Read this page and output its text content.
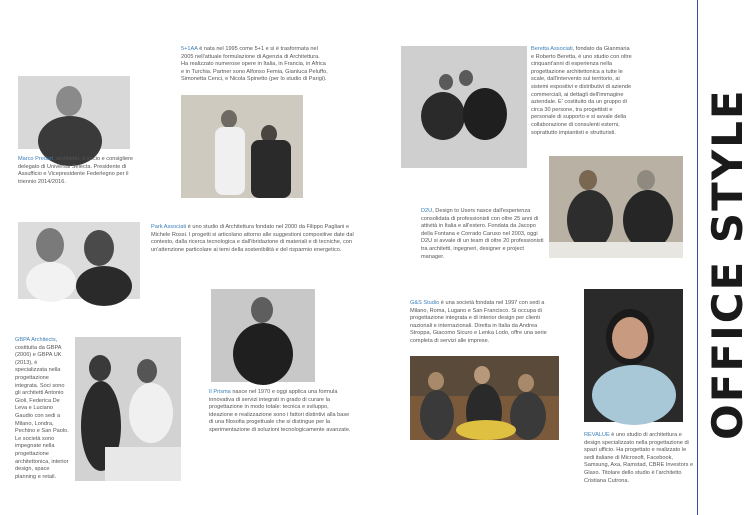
OFFICE STYLE
Marco Predari, architetto, è socio e consigliere delegato di Universal Selecta. Presidente di Assufficio e Vicepresidente Federlegno per il triennio 2014/2016.
5+1AA è nata nel 1995 come 5+1 e si è trasformata nel 2005 nell'attuale formulazione di Agenzia di Architettura. Ha realizzato numerose opere in Italia, in Francia, in Africa e in Turchia. Partner sono Alfonso Femia, Gianluca Peluffo, Simonetta Cenci, e Nicola Spinetto (per lo studio di Parigi).
Beretta Associati, fondato da Gianmaria e Roberto Beretta, è uno studio con oltre cinquant'anni di esperienza nella progettazione architettonica a tutte le scale, dall'intervento sul territorio, ai sistemi espositivi e distributivi di aziende commerciali, ai dettagli dell'immagine aziendale. E' costituito da un gruppo di circa 30 persone, tra progettisti e personale di supporto e si avvale della collaborazione di consulenti esterni, soprattutto impiantisti e strutturisti.
Park Associati è uno studio di Architettura fondato nel 2000 da Filippo Pagliani e Michele Rossi. I progetti si articolano attorno alle suggestioni compositive date dal contesto, dalla ricerca tecnologica e dall'ibridazione di materiali e di tecniche, con un'attenzione particolare ai temi della sostenibilità e del risparmio energetico.
D2U, Design to Users nasce dall'esperienza consolidata di professionisti con oltre 25 anni di attività in Italia e all'estero. Fondata da Jacopo della Fontana e Corrado Caruso nel 2003, oggi D2U si avvale di un team di oltre 20 professionisti tra architetti, ingegneri, designer e project manager.
GBPA Architects, costituita da GBPA (2006) e GBPA UK (2013), è specializzata nella progettazione integrata. Soci sono gli architetti Antonio Gioli, Federica De Leva e Luciano Gaudio con sedi a Milano, Londra, Pechino e San Paolo. Le società sono impegnate nella progettazione architettonica, interior design, space planning e retail.
Il Prisma nasce nel 1970 e oggi applica una formula innovativa di servizi integrati in grado di curare la progettazione in modo totale: tecnica e sviluppo, ideazione e realizzazione sono i fattori distintivi alla base di una filosofia progettuale che si distingue per la sperimentazione di soluzioni tecnologicamente avanzate.
G&S Studio è una società fondata nel 1997 con sedi a Milano, Roma, Lugano e San Francisco. Si occupa di progettazione integrata e di interior design per clienti nazionali e internazionali. Diretta in Italia da Andrea Stroppa, Giacomo Sicuro e Lenka Lodo, offre una serie completa di servizi alle imprese.
REVALUE è uno studio di architettura e design specializzato nella progettazione di spazi ufficio. Ha progettato e realizzato le sedi italiane di Microsoft, Facebook, Samsung, Axa, Ramstad, CBRE Investors e Glaxo. Titolare dello studio è l'architetto Cristiana Cutrona.
